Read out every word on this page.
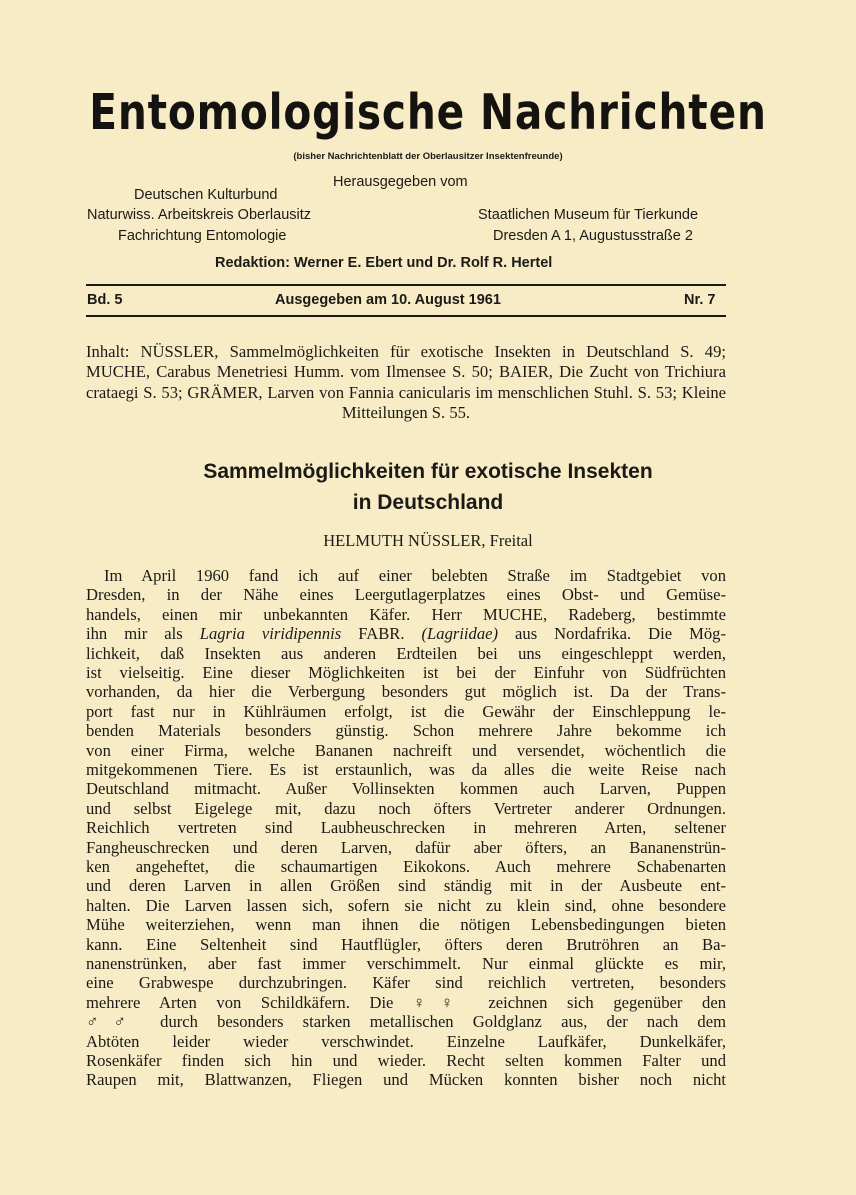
Entomologische Nachrichten
(bisher Nachrichtenblatt der Oberlausitzer Insektenfreunde)
Herausgegeben vom
Deutschen Kulturbund
Naturwiss. Arbeitskreis Oberlausitz
Fachrichtung Entomologie
Staatlichen Museum für Tierkunde
Dresden A 1, Augustusstraße 2
Redaktion: Werner E. Ebert und Dr. Rolf R. Hertel
Bd. 5	Ausgegeben am 10. August 1961	Nr. 7
Inhalt: NÜSSLER, Sammelmöglichkeiten für exotische Insekten in Deutschland S. 49; MUCHE, Carabus Menetriesi Humm. vom Ilmensee S. 50; BAIER, Die Zucht von Trichiura crataegi S. 53; GRÄMER, Larven von Fannia canicularis im menschlichen Stuhl. S. 53; Kleine Mitteilungen S. 55.
Sammelmöglichkeiten für exotische Insekten
in Deutschland
HELMUTH NÜSSLER, Freital
Im April 1960 fand ich auf einer belebten Straße im Stadtgebiet von
Dresden, in der Nähe eines Leergutlagerplatzes eines Obst- und Gemüse-
handels, einen mir unbekannten Käfer. Herr MUCHE, Radeberg, bestimmte
ihn mir als Lagria viridipennis FABR. (Lagriidae) aus Nordafrika. Die Mög-
lichkeit, daß Insekten aus anderen Erdteilen bei uns eingeschleppt werden,
ist vielseitig. Eine dieser Möglichkeiten ist bei der Einfuhr von Südfrüchten
vorhanden, da hier die Verbergung besonders gut möglich ist. Da der Trans-
port fast nur in Kühlräumen erfolgt, ist die Gewähr der Einschleppung le-
benden Materials besonders günstig. Schon mehrere Jahre bekomme ich
von einer Firma, welche Bananen nachreift und versendet, wöchentlich die
mitgekommenen Tiere. Es ist erstaunlich, was da alles die weite Reise nach
Deutschland mitmacht. Außer Vollinsekten kommen auch Larven, Puppen
und selbst Eigelege mit, dazu noch öfters Vertreter anderer Ordnungen.
Reichlich vertreten sind Laubheuschrecken in mehreren Arten, seltener
Fangheuschrecken und deren Larven, dafür aber öfters, an Bananenstrün-
ken angeheftet, die schaumartigen Eikokons. Auch mehrere Schabenarten
und deren Larven in allen Größen sind ständig mit in der Ausbeute ent-
halten. Die Larven lassen sich, sofern sie nicht zu klein sind, ohne besondere
Mühe weiterziehen, wenn man ihnen die nötigen Lebensbedingungen bieten
kann. Eine Seltenheit sind Hautflügler, öfters deren Brutröhren an Ba-
nanenstrünken, aber fast immer verschimmelt. Nur einmal glückte es mir,
eine Grabwespe durchzubringen. Käfer sind reichlich vertreten, besonders
mehrere Arten von Schildkäfern. Die ♀♀ zeichnen sich gegenüber den
♂♂ durch besonders starken metallischen Goldglanz aus, der nach dem
Abtöten leider wieder verschwindet. Einzelne Laufkäfer, Dunkelkäfer,
Rosenkäfer finden sich hin und wieder. Recht selten kommen Falter und
Raupen mit, Blattwanzen, Fliegen und Mücken konnten bisher noch nicht
